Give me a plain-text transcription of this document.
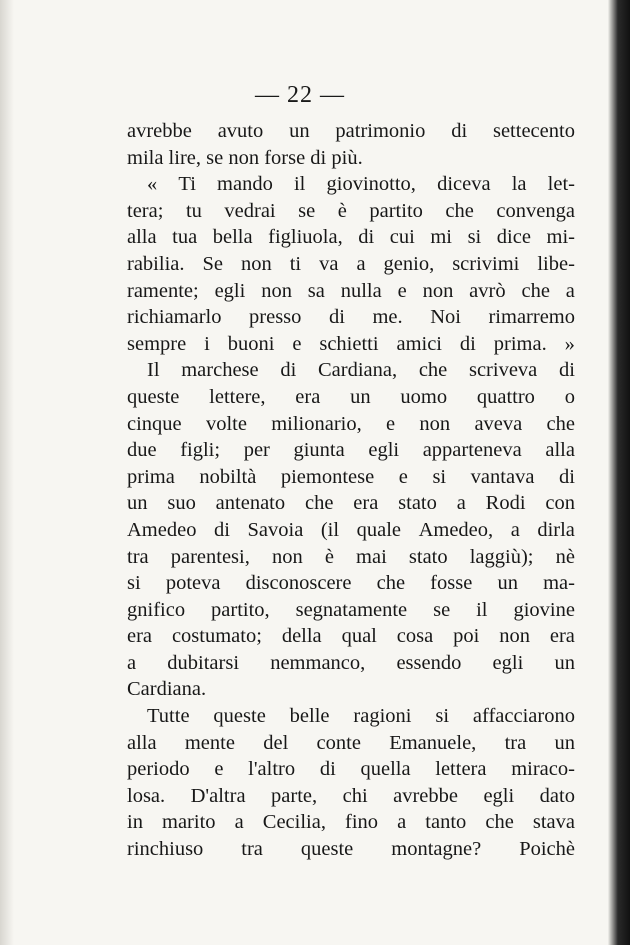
— 22 —
avrebbe avuto un patrimonio di settecento
mila lire, se non forse di più.
« Ti mando il giovinotto, diceva la let-
tera; tu vedrai se è partito che convenga
alla tua bella figliuola, di cui mi si dice mi-
rabilia. Se non ti va a genio, scrivimi libe-
ramente; egli non sa nulla e non avrò che a
richiamarlo presso di me. Noi rimarremo
sempre i buoni e schietti amici di prima. »
Il marchese di Cardiana, che scriveva di
queste lettere, era un uomo quattro o
cinque volte milionario, e non aveva che
due figli; per giunta egli apparteneva alla
prima nobiltà piemontese e si vantava di
un suo antenato che era stato a Rodi con
Amedeo di Savoia (il quale Amedeo, a dirla
tra parentesi, non è mai stato laggiù); nè
si poteva disconoscere che fosse un ma-
gnifico partito, segnatamente se il giovine
era costumato; della qual cosa poi non era
a dubitarsi nemmanco, essendo egli un
Cardiana.
Tutte queste belle ragioni si affacciarono
alla mente del conte Emanuele, tra un
periodo e l'altro di quella lettera miraco-
losa. D'altra parte, chi avrebbe egli dato
in marito a Cecilia, fino a tanto che stava
rinchiuso tra queste montagne? Poichè
